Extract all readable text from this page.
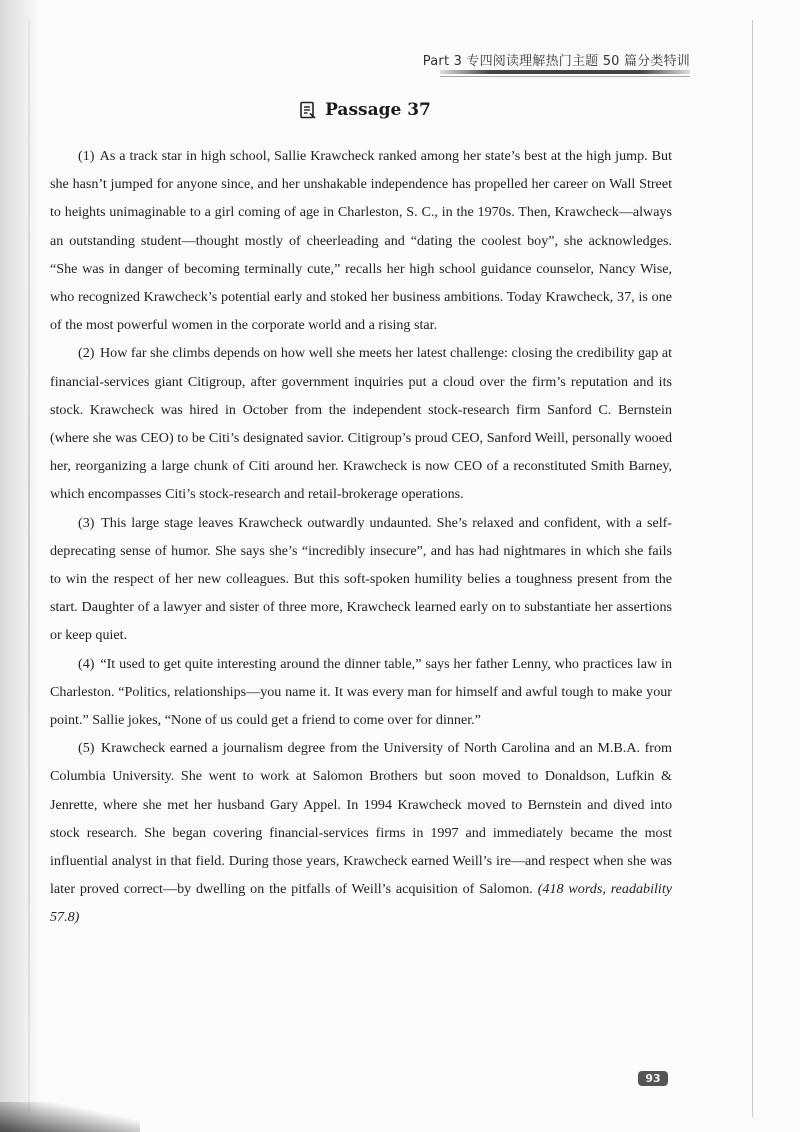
Part 3 专四阅读理解热门主题 50 篇分类特训
Passage 37

(1) As a track star in high school, Sallie Krawcheck ranked among her state’s best at the high jump. But she hasn’t jumped for anyone since, and her unshakable independence has propelled her career on Wall Street to heights unimaginable to a girl coming of age in Charleston, S. C., in the 1970s. Then, Krawcheck—always an outstanding student—thought mostly of cheerleading and “dating the coolest boy”, she acknowledges. “She was in danger of becoming terminally cute,” recalls her high school guidance counselor, Nancy Wise, who recognized Krawcheck’s potential early and stoked her business ambitions. Today Krawcheck, 37, is one of the most powerful women in the corporate world and a rising star.

(2) How far she climbs depends on how well she meets her latest challenge: closing the credibility gap at financial-services giant Citigroup, after government inquiries put a cloud over the firm’s reputation and its stock. Krawcheck was hired in October from the independent stock-research firm Sanford C. Bernstein (where she was CEO) to be Citi’s designated savior. Citigroup’s proud CEO, Sanford Weill, personally wooed her, reorganizing a large chunk of Citi around her. Krawcheck is now CEO of a reconstituted Smith Barney, which encompasses Citi’s stock-research and retail-brokerage operations.

(3) This large stage leaves Krawcheck outwardly undaunted. She’s relaxed and confident, with a self-deprecating sense of humor. She says she’s “incredibly insecure”, and has had nightmares in which she fails to win the respect of her new colleagues. But this soft-spoken humility belies a toughness present from the start. Daughter of a lawyer and sister of three more, Krawcheck learned early on to substantiate her assertions or keep quiet.

(4) “It used to get quite interesting around the dinner table,” says her father Lenny, who practices law in Charleston. “Politics, relationships—you name it. It was every man for himself and awful tough to make your point.” Sallie jokes, “None of us could get a friend to come over for dinner.”

(5) Krawcheck earned a journalism degree from the University of North Carolina and an M.B.A. from Columbia University. She went to work at Salomon Brothers but soon moved to Donaldson, Lufkin & Jenrette, where she met her husband Gary Appel. In 1994 Krawcheck moved to Bernstein and dived into stock research. She began covering financial-services firms in 1997 and immediately became the most influential analyst in that field. During those years, Krawcheck earned Weill’s ire—and respect when she was later proved correct—by dwelling on the pitfalls of Weill’s acquisition of Salomon. (418 words, readability 57.8)

93
